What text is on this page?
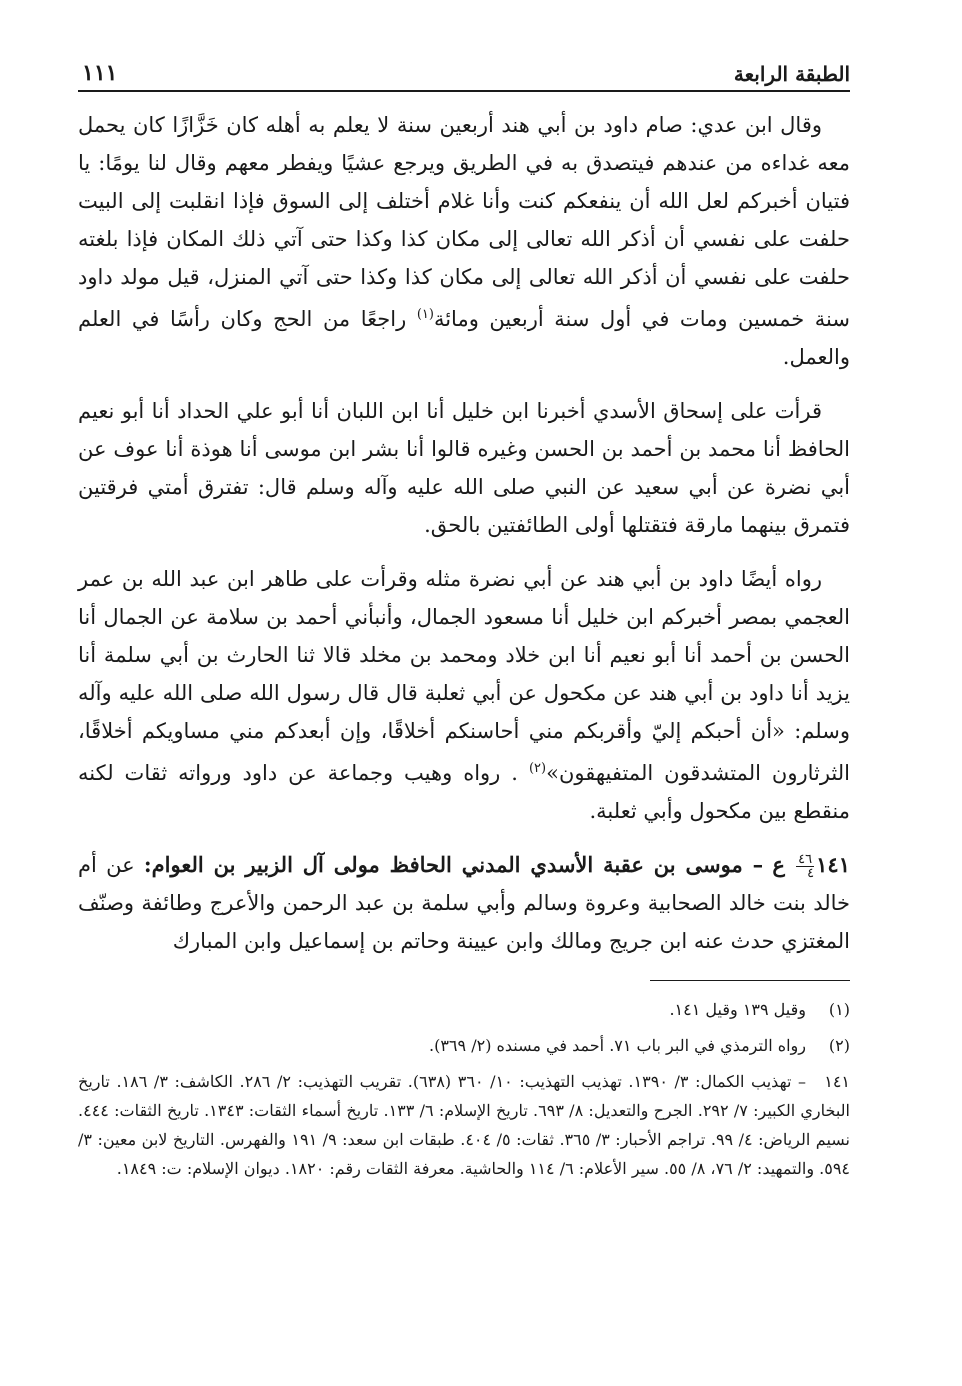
الطبقة الرابعة
١١١

وقال ابن عدي: صام داود بن أبي هند أربعين سنة لا يعلم به أهله كان خَزَّازًا كان يحمل معه غداءه من عندهم فيتصدق به في الطريق ويرجع عشيًا ويفطر معهم وقال لنا يومًا: يا فتيان أخبركم لعل الله أن ينفعكم كنت وأنا غلام أختلف إلى السوق فإذا انقلبت إلى البيت حلفت على نفسي أن أذكر الله تعالى إلى مكان كذا وكذا حتى آتي ذلك المكان فإذا بلغته حلفت على نفسي أن أذكر الله تعالى إلى مكان كذا وكذا حتى آتي المنزل، قيل مولد داود سنة خمسين ومات في أول سنة أربعين ومائة$^{(١)}$ راجعًا من الحج وكان رأسًا في العلم والعمل.

قرأت على إسحاق الأسدي أخبرنا ابن خليل أنا ابن اللبان أنا أبو علي الحداد أنا أبو نعيم الحافظ أنا محمد بن أحمد بن الحسن وغيره قالوا أنا بشر ابن موسى أنا هوذة أنا عوف عن أبي نضرة عن أبي سعيد عن النبي صلى الله عليه وآله وسلم قال: تفترق أمتي فرقتين فتمرق بينهما مارقة فتقتلها أولى الطائفتين بالحق.

رواه أيضًا داود بن أبي هند عن أبي نضرة مثله وقرأت على طاهر ابن عبد الله بن عمر العجمي بمصر أخبركم ابن خليل أنا مسعود الجمال، وأنبأني أحمد بن سلامة عن الجمال أنا الحسن بن أحمد أنا أبو نعيم أنا ابن خلاد ومحمد بن مخلد قالا ثنا الحارث بن أبي سلمة أنا يزيد أنا داود بن أبي هند عن مكحول عن أبي ثعلبة قال قال رسول الله صلى الله عليه وآله وسلم: «أن أحبكم إليّ وأقربكم مني أحاسنكم أخلاقًا، وإن أبعدكم مني مساويكم أخلاقًا، الثرثارون المتشدقون المتفيهقون»$^{(٢)}$ . رواه وهيب وجماعة عن داود ورواته ثقات لكنه منقطع بين مكحول وأبي ثعلبة.

١٤١
$\frac{٤٦}{٤}$
ع – موسى بن عقبة الأسدي المدني الحافظ مولى آل الزبير بن العوام: عن أم خالد بنت خالد الصحابية وعروة وسالم وأبي سلمة بن عبد الرحمن والأعرج وطائفة وصنّف المغتزي حدث عنه ابن جريج ومالك وابن عيينة وحاتم بن إسماعيل وابن المبارك

(١)
وقيل ١٣٩ وقيل ١٤١.
(٢)
رواه الترمذي في البر باب ٧١. أحمد في مسنده (٢/ ٣٦٩).
١٤١– تهذيب الكمال: ٣/ ١٣٩٠. تهذيب التهذيب: ١٠/ ٣٦٠ (٦٣٨). تقريب التهذيب: ٢/ ٢٨٦. الكاشف: ٣/ ١٨٦. تاريخ البخاري الكبير: ٧/ ٢٩٢. الجرح والتعديل: ٨/ ٦٩٣. تاريخ الإسلام: ٦/ ١٣٣. تاريخ أسماء الثقات: ١٣٤٣. تاريخ الثقات: ٤٤٤. نسيم الرياض: ٤/ ٩٩. تراجم الأحبار: ٣/ ٣٦٥. ثقات: ٥/ ٤٠٤. طبقات ابن سعد: ٩/ ١٩١ والفهرس. التاريخ لابن معين: ٣/ ٥٩٤. والتمهيد: ٢/ ٧٦، ٨/ ٥٥. سير الأعلام: ٦/ ١١٤ والحاشية. معرفة الثقات رقم: ١٨٢٠. ديوان الإسلام: ت: ١٨٤٩.
